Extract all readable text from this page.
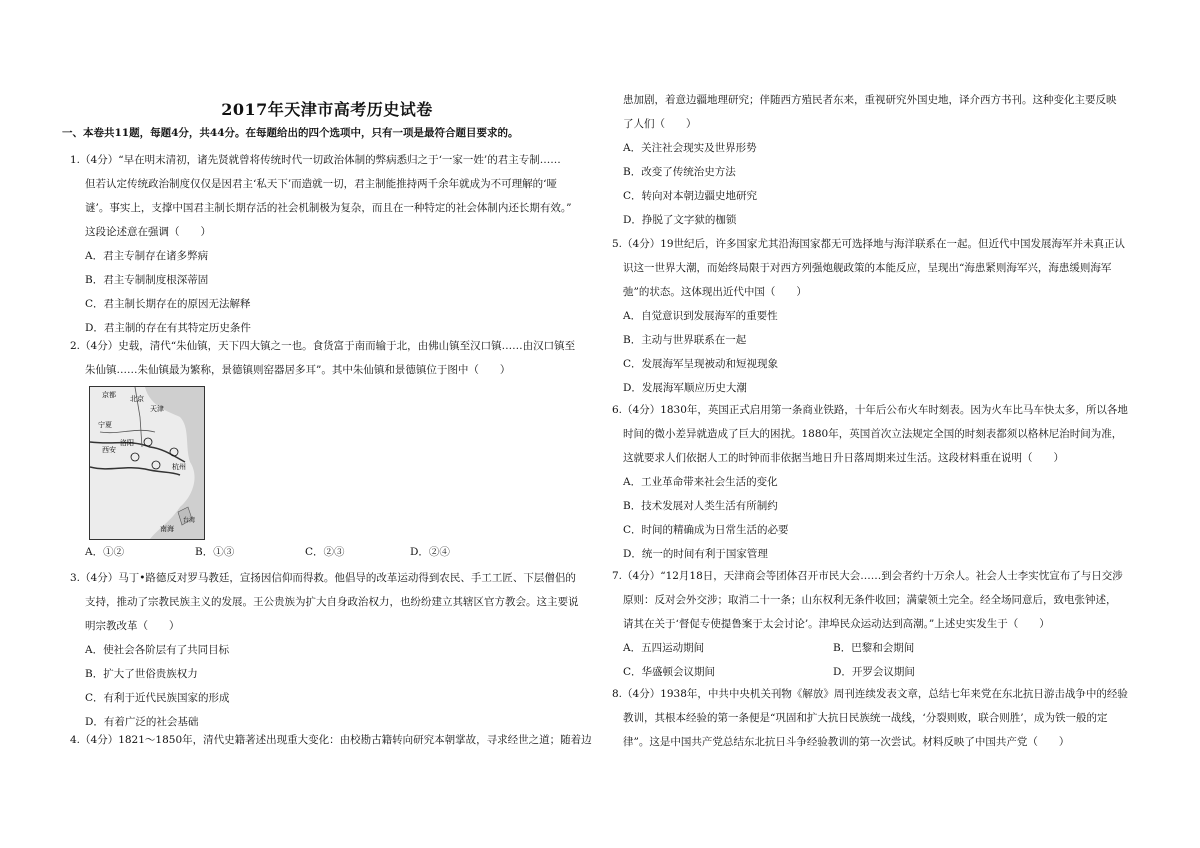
2017年天津市高考历史试卷
一、本卷共11题，每题4分，共44分。在每题给出的四个选项中，只有一项是最符合题目要求的。
1.（4分）“早在明末清初，诸先贤就曾将传统时代一切政治体制的弊病悉归之于‘一家一姓’的君主专制……
但若认定传统政治制度仅仅是因君主‘私天下’而造就一切，君主制能推持两千余年就成为不可理解的‘哑
谜’。事实上，支撑中国君主制长期存活的社会机制极为复杂，而且在一种特定的社会体制内还长期有效。”
这段论述意在强调（　　）
A．君主专制存在诸多弊病
B．君主专制制度根深蒂固
C．君主制长期存在的原因无法解释
D．君主制的存在有其特定历史条件
2.（4分）史载，清代“朱仙镇，天下四大镇之一也。食货富于南而输于北，由佛山镇至汉口镇……由汉口镇至
朱仙镇……朱仙镇最为繁称，景德镇则窑器居多耳”。其中朱仙镇和景德镇位于图中（　　）
京都 北京
天津
宁夏
洛阳
西安
杭州
台湾
南海
A．①②	B．①③	C．②③	D．②④
3.（4分）马丁•路德反对罗马教廷，宣扬因信仰而得救。他倡导的改革运动得到农民、手工工匠、下层僧侣的
支持，推动了宗教民族主义的发展。王公贵族为扩大自身政治权力，也纷纷建立其辖区官方教会。这主要说
明宗教改革（　　）
A．使社会各阶层有了共同目标
B．扩大了世俗贵族权力
C．有利于近代民族国家的形成
D．有着广泛的社会基础
4.（4分）1821～1850年，清代史籍著述出现重大变化：由校勘古籍转向研究本朝掌故，寻求经世之道；随着边
患加剧，着意边疆地理研究；伴随西方殖民者东来，重视研究外国史地，译介西方书刊。这种变化主要反映
了人们（　　）
A．关注社会现实及世界形势
B．改变了传统治史方法
C．转向对本朝边疆史地研究
D．挣脱了文字狱的枷锁
5.（4分）19世纪后，许多国家尤其沿海国家都无可选择地与海洋联系在一起。但近代中国发展海军并未真正认
识这一世界大潮，而始终局限于对西方列强炮舰政策的本能反应，呈现出“海患紧则海军兴，海患缓则海军
弛”的状态。这体现出近代中国（　　）
A．自觉意识到发展海军的重要性
B．主动与世界联系在一起
C．发展海军呈现被动和短视现象
D．发展海军顺应历史大潮
6.（4分）1830年，英国正式启用第一条商业铁路，十年后公布火车时刻表。因为火车比马车快太多，所以各地
时间的微小差异就造成了巨大的困扰。1880年，英国首次立法规定全国的时刻表都须以格林尼治时间为准，
这就要求人们依据人工的时钟而非依据当地日升日落周期来过生活。这段材料重在说明（　　）
A．工业革命带来社会生活的变化
B．技术发展对人类生活有所制约
C．时间的精确成为日常生活的必要
D．统一的时间有利于国家管理
7.（4分）“12月18日，天津商会等团体召开市民大会……到会者约十万余人。社会人士李实忱宣布了与日交涉
原则：反对会外交涉；取消二十一条；山东权利无条件收回；满蒙领土完全。经全场同意后，致电张钟述，
请其在关于‘督促专使提鲁案于太会讨论’。津埠民众运动达到高潮。”上述史实发生于（　　）
A．五四运动期间	B．巴黎和会期间
C．华盛顿会议期间	D．开罗会议期间
8.（4分）1938年，中共中央机关刊物《解放》周刊连续发表文章，总结七年来党在东北抗日游击战争中的经验
教训，其根本经验的第一条便是“巩固和扩大抗日民族统一战线，‘分裂则败，联合则胜’，成为铁一般的定
律”。这是中国共产党总结东北抗日斗争经验教训的第一次尝试。材料反映了中国共产党（　　）
